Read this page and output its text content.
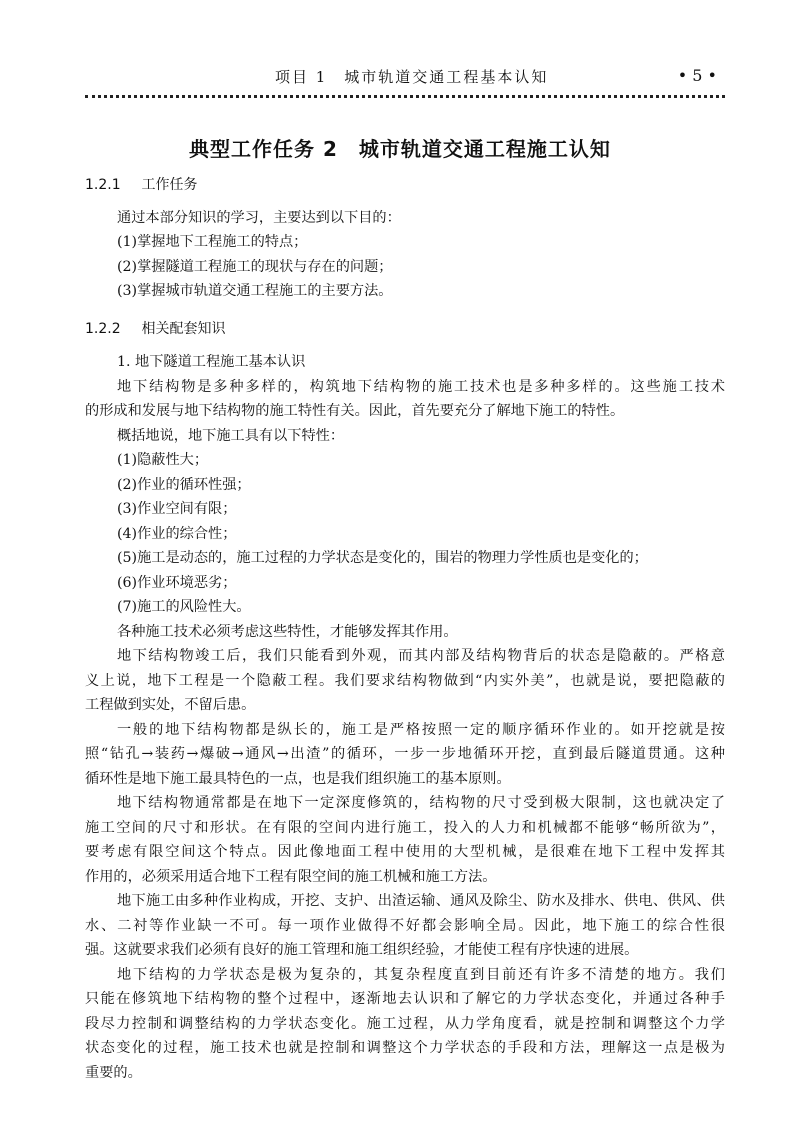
项目 1　城市轨道交通工程基本认知	• 5 •
典型工作任务 2　城市轨道交通工程施工认知
1.2.1 工作任务
通过本部分知识的学习，主要达到以下目的：
(1)掌握地下工程施工的特点；
(2)掌握隧道工程施工的现状与存在的问题；
(3)掌握城市轨道交通工程施工的主要方法。
1.2.2 相关配套知识
1. 地下隧道工程施工基本认识
地下结构物是多种多样的，构筑地下结构物的施工技术也是多种多样的。这些施工技术
的形成和发展与地下结构物的施工特性有关。因此，首先要充分了解地下施工的特性。
概括地说，地下施工具有以下特性：
(1)隐蔽性大；
(2)作业的循环性强；
(3)作业空间有限；
(4)作业的综合性；
(5)施工是动态的，施工过程的力学状态是变化的，围岩的物理力学性质也是变化的；
(6)作业环境恶劣；
(7)施工的风险性大。
各种施工技术必须考虑这些特性，才能够发挥其作用。
地下结构物竣工后，我们只能看到外观，而其内部及结构物背后的状态是隐蔽的。严格意
义上说，地下工程是一个隐蔽工程。我们要求结构物做到“内实外美”，也就是说，要把隐蔽的
工程做到实处，不留后患。
一般的地下结构物都是纵长的，施工是严格按照一定的顺序循环作业的。如开挖就是按
照“钻孔→装药→爆破→通风→出渣”的循环，一步一步地循环开挖，直到最后隧道贯通。这种
循环性是地下施工最具特色的一点，也是我们组织施工的基本原则。
地下结构物通常都是在地下一定深度修筑的，结构物的尺寸受到极大限制，这也就决定了
施工空间的尺寸和形状。在有限的空间内进行施工，投入的人力和机械都不能够“畅所欲为”，
要考虑有限空间这个特点。因此像地面工程中使用的大型机械，是很难在地下工程中发挥其
作用的，必须采用适合地下工程有限空间的施工机械和施工方法。
地下施工由多种作业构成，开挖、支护、出渣运输、通风及除尘、防水及排水、供电、供风、供
水、二衬等作业缺一不可。每一项作业做得不好都会影响全局。因此，地下施工的综合性很
强。这就要求我们必须有良好的施工管理和施工组织经验，才能使工程有序快速的进展。
地下结构的力学状态是极为复杂的，其复杂程度直到目前还有许多不清楚的地方。我们
只能在修筑地下结构物的整个过程中，逐渐地去认识和了解它的力学状态变化，并通过各种手
段尽力控制和调整结构的力学状态变化。施工过程，从力学角度看，就是控制和调整这个力学
状态变化的过程，施工技术也就是控制和调整这个力学状态的手段和方法，理解这一点是极为
重要的。
